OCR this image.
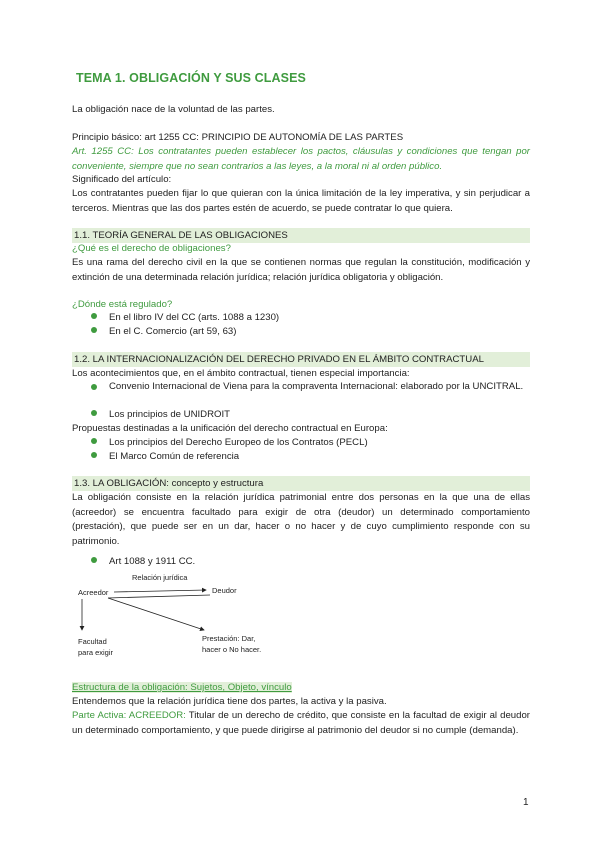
TEMA 1. OBLIGACIÓN Y SUS CLASES
La obligación nace de la voluntad de las partes.
Principio básico: art 1255 CC: PRINCIPIO DE AUTONOMÍA DE LAS PARTES
Art. 1255 CC: Los contratantes pueden establecer los pactos, cláusulas y condiciones que tengan por conveniente, siempre que no sean contrarios a las leyes, a la moral ni al orden público.
Significado del artículo:
Los contratantes pueden fijar lo que quieran con la única limitación de la ley imperativa, y sin perjudicar a terceros. Mientras que las dos partes estén de acuerdo, se puede contratar lo que quiera.
1.1. TEORÍA GENERAL DE LAS OBLIGACIONES
¿Qué es el derecho de obligaciones?
Es una rama del derecho civil en la que se contienen normas que regulan la constitución, modificación y extinción de una determinada relación jurídica; relación jurídica obligatoria y obligación.
¿Dónde está regulado?
En el libro IV del CC (arts. 1088 a 1230)
En el C. Comercio (art 59, 63)
1.2. LA INTERNACIONALIZACIÓN DEL DERECHO PRIVADO EN EL ÁMBITO CONTRACTUAL
Los acontecimientos que, en el ámbito contractual, tienen especial importancia:
Convenio Internacional de Viena para la compraventa Internacional: elaborado por la UNCITRAL.
Los principios de UNIDROIT
Propuestas destinadas a la unificación del derecho contractual en Europa:
Los principios del Derecho Europeo de los Contratos (PECL)
El Marco Común de referencia
1.3. LA OBLIGACIÓN: concepto y estructura
La obligación consiste en la relación jurídica patrimonial entre dos personas en la que una de ellas (acreedor) se encuentra facultado para exigir de otra (deudor) un determinado comportamiento (prestación), que puede ser en un dar, hacer o no hacer y de cuyo cumplimiento responde con su patrimonio.
Art 1088 y 1911 CC.
Relación jurídica
Acreedor	Deudor
Facultad
para exigir
Prestación: Dar,
hacer o No hacer.
Estructura de la obligación: Sujetos, Objeto, vínculo
Entendemos que la relación jurídica tiene dos partes, la activa y la pasiva.
Parte Activa: ACREEDOR: Titular de un derecho de crédito, que consiste en la facultad de exigir al deudor un determinado comportamiento, y que puede dirigirse al patrimonio del deudor si no cumple (demanda).
1
